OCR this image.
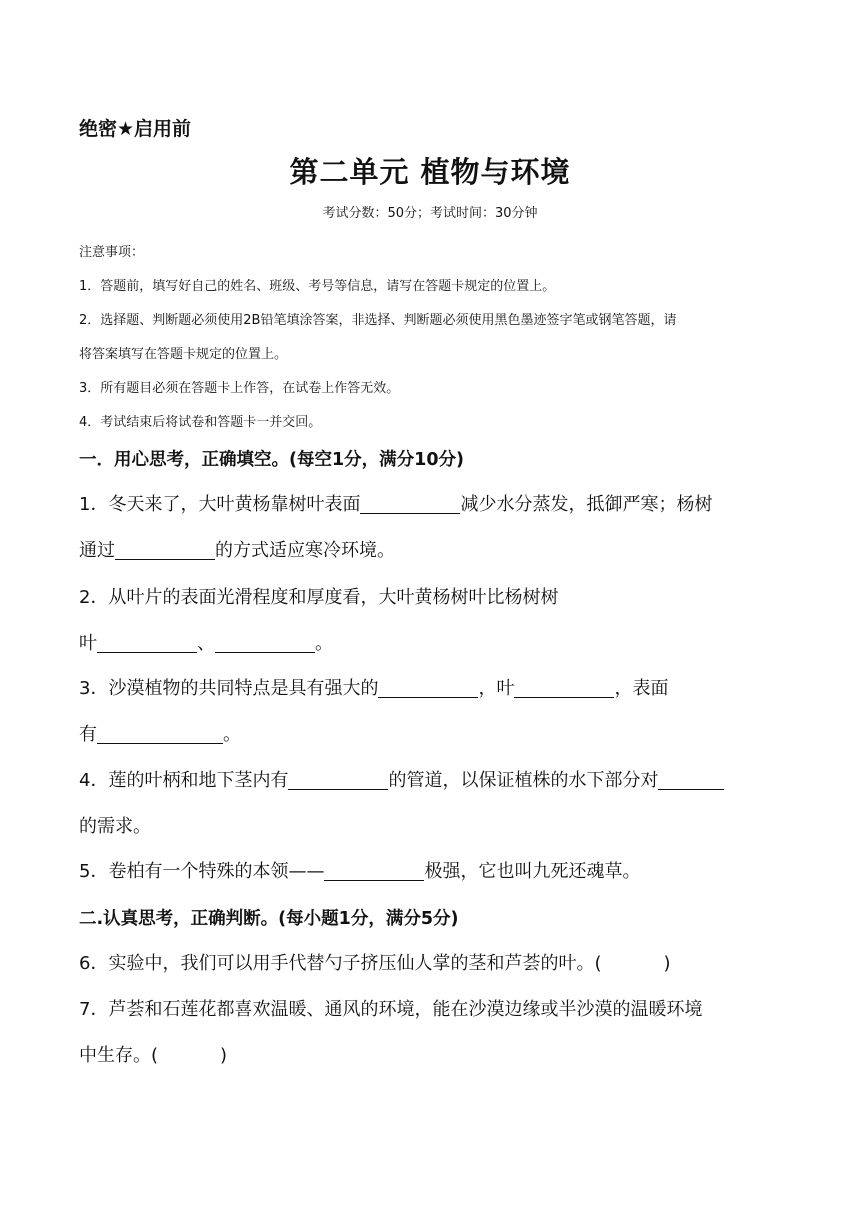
绝密★启用前
第二单元 植物与环境
考试分数：50分；考试时间：30分钟

注意事项：

1．答题前，填写好自己的姓名、班级、考号等信息，请写在答题卡规定的位置上。

2．选择题、判断题必须使用2B铅笔填涂答案，非选择、判断题必须使用黑色墨迹签字笔或钢笔答题，请

将答案填写在答题卡规定的位置上。

3．所有题目必须在答题卡上作答，在试卷上作答无效。

4．考试结束后将试卷和答题卡一并交回。

一．用心思考，正确填空。(每空1分，满分10分)
1．冬天来了，大叶黄杨靠树叶表面	减少水分蒸发，抵御严寒；杨树
通过	的方式适应寒冷环境。
2．从叶片的表面光滑程度和厚度看，大叶黄杨树叶比杨树树
叶	、	。
3．沙漠植物的共同特点是具有强大的	，叶	，表面
有	。
4．莲的叶柄和地下茎内有	的管道，以保证植株的水下部分对
的需求。
5．卷柏有一个特殊的本领——	极强，它也叫九死还魂草。
二.认真思考，正确判断。(每小题1分，满分5分)
6．实验中，我们可以用手代替勺子挤压仙人掌的茎和芦荟的叶。(	)
7．芦荟和石莲花都喜欢温暖、通风的环境，能在沙漠边缘或半沙漠的温暖环境
中生存。(	)
